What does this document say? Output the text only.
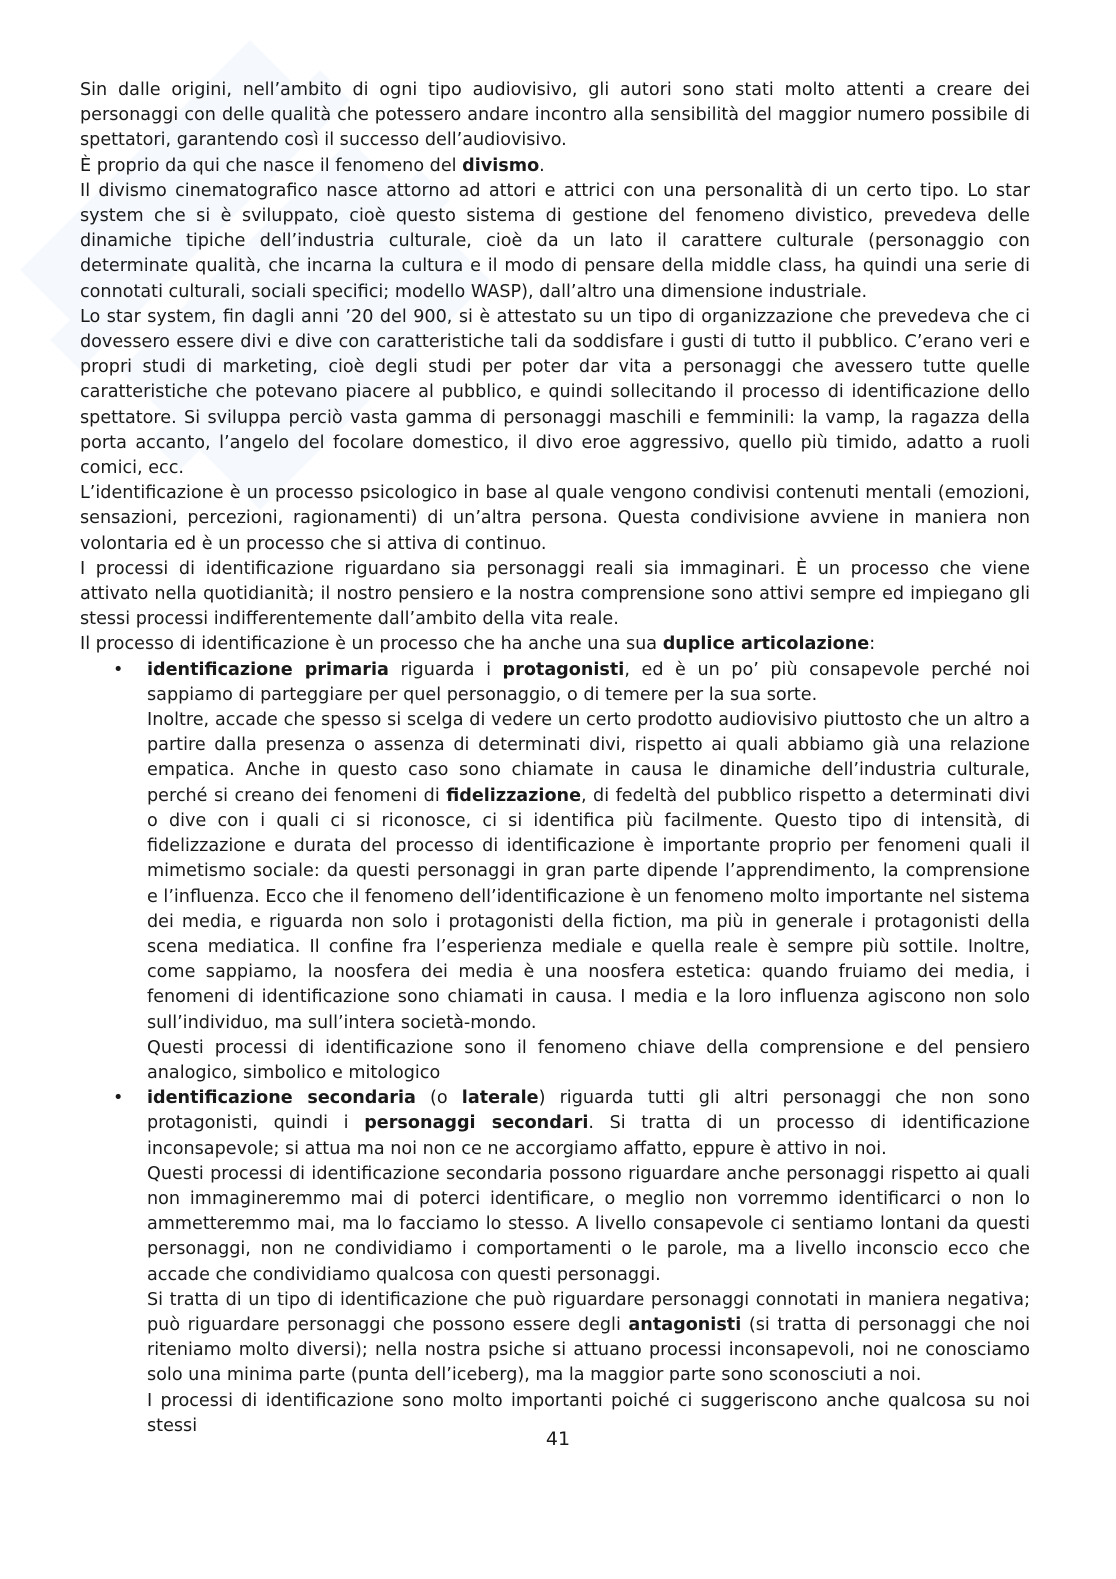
Sin dalle origini, nell’ambito di ogni tipo audiovisivo, gli autori sono stati molto attenti a creare dei personaggi con delle qualità che potessero andare incontro alla sensibilità del maggior numero possibile di spettatori, garantendo così il successo dell’audiovisivo.

È proprio da qui che nasce il fenomeno del divismo.

Il divismo cinematografico nasce attorno ad attori e attrici con una personalità di un certo tipo. Lo star system che si è sviluppato, cioè questo sistema di gestione del fenomeno divistico, prevedeva delle dinamiche tipiche dell’industria culturale, cioè da un lato il carattere culturale (personaggio con determinate qualità, che incarna la cultura e il modo di pensare della middle class, ha quindi una serie di connotati culturali, sociali specifici; modello WASP), dall’altro una dimensione industriale.

Lo star system, fin dagli anni ’20 del 900, si è attestato su un tipo di organizzazione che prevedeva che ci dovessero essere divi e dive con caratteristiche tali da soddisfare i gusti di tutto il pubblico. C’erano veri e propri studi di marketing, cioè degli studi per poter dar vita a personaggi che avessero tutte quelle caratteristiche che potevano piacere al pubblico, e quindi sollecitando il processo di identificazione dello spettatore. Si sviluppa perciò vasta gamma di personaggi maschili e femminili: la vamp, la ragazza della porta accanto, l’angelo del focolare domestico, il divo eroe aggressivo, quello più timido, adatto a ruoli comici, ecc.

L’identificazione è un processo psicologico in base al quale vengono condivisi contenuti mentali (emozioni, sensazioni, percezioni, ragionamenti) di un’altra persona. Questa condivisione avviene in maniera non volontaria ed è un processo che si attiva di continuo.

I processi di identificazione riguardano sia personaggi reali sia immaginari. È un processo che viene attivato nella quotidianità; il nostro pensiero e la nostra comprensione sono attivi sempre ed impiegano gli stessi processi indifferentemente dall’ambito della vita reale.

Il processo di identificazione è un processo che ha anche una sua duplice articolazione:

• identificazione primaria riguarda i protagonisti, ed è un po’ più consapevole perché noi sappiamo di parteggiare per quel personaggio, o di temere per la sua sorte.

Inoltre, accade che spesso si scelga di vedere un certo prodotto audiovisivo piuttosto che un altro a partire dalla presenza o assenza di determinati divi, rispetto ai quali abbiamo già una relazione empatica. Anche in questo caso sono chiamate in causa le dinamiche dell’industria culturale, perché si creano dei fenomeni di fidelizzazione, di fedeltà del pubblico rispetto a determinati divi o dive con i quali ci si riconosce, ci si identifica più facilmente. Questo tipo di intensità, di fidelizzazione e durata del processo di identificazione è importante proprio per fenomeni quali il mimetismo sociale: da questi personaggi in gran parte dipende l’apprendimento, la comprensione e l’influenza. Ecco che il fenomeno dell’identificazione è un fenomeno molto importante nel sistema dei media, e riguarda non solo i protagonisti della fiction, ma più in generale i protagonisti della scena mediatica. Il confine fra l’esperienza mediale e quella reale è sempre più sottile. Inoltre, come sappiamo, la noosfera dei media è una noosfera estetica: quando fruiamo dei media, i fenomeni di identificazione sono chiamati in causa. I media e la loro influenza agiscono non solo sull’individuo, ma sull’intera società-mondo.

Questi processi di identificazione sono il fenomeno chiave della comprensione e del pensiero analogico, simbolico e mitologico

• identificazione secondaria (o laterale) riguarda tutti gli altri personaggi che non sono protagonisti, quindi i personaggi secondari. Si tratta di un processo di identificazione inconsapevole; si attua ma noi non ce ne accorgiamo affatto, eppure è attivo in noi.

Questi processi di identificazione secondaria possono riguardare anche personaggi rispetto ai quali non immagineremmo mai di poterci identificare, o meglio non vorremmo identificarci o non lo ammetteremmo mai, ma lo facciamo lo stesso. A livello consapevole ci sentiamo lontani da questi personaggi, non ne condividiamo i comportamenti o le parole, ma a livello inconscio ecco che accade che condividiamo qualcosa con questi personaggi.

Si tratta di un tipo di identificazione che può riguardare personaggi connotati in maniera negativa; può riguardare personaggi che possono essere degli antagonisti (si tratta di personaggi che noi riteniamo molto diversi); nella nostra psiche si attuano processi inconsapevoli, noi ne conosciamo solo una minima parte (punta dell’iceberg), ma la maggior parte sono sconosciuti a noi.

I processi di identificazione sono molto importanti poiché ci suggeriscono anche qualcosa su noi stessi

41
